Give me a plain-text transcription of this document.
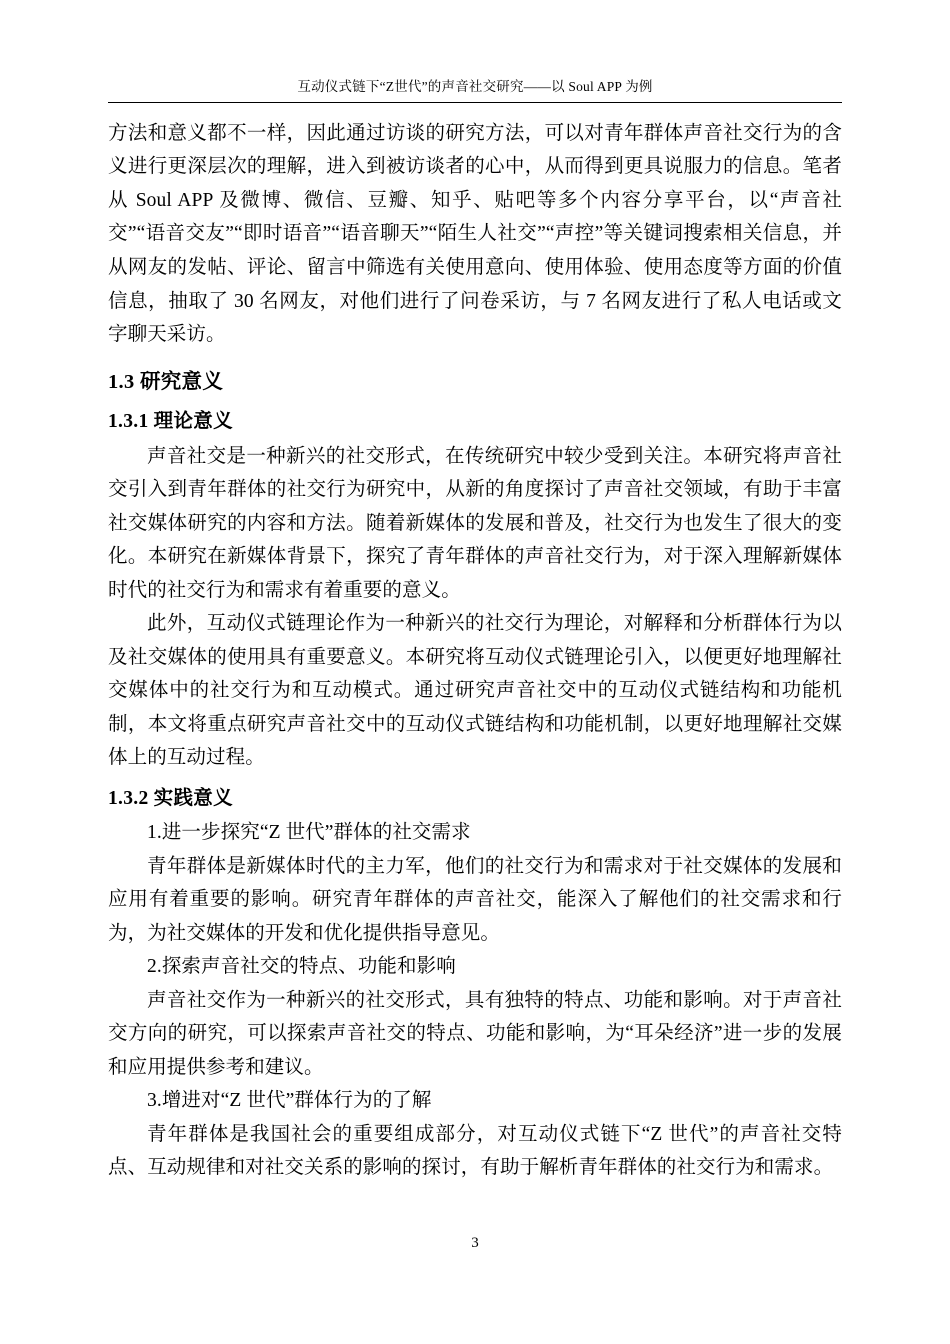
互动仪式链下“Z世代”的声音社交研究——以 Soul APP 为例

方法和意义都不一样，因此通过访谈的研究方法，可以对青年群体声音社交行为的含义进行更深层次的理解，进入到被访谈者的心中，从而得到更具说服力的信息。笔者从 Soul APP 及微博、微信、豆瓣、知乎、贴吧等多个内容分享平台，以“声音社交”“语音交友”“即时语音”“语音聊天”“陌生人社交”“声控”等关键词搜索相关信息，并从网友的发帖、评论、留言中筛选有关使用意向、使用体验、使用态度等方面的价值信息，抽取了 30 名网友，对他们进行了问卷采访，与 7 名网友进行了私人电话或文字聊天采访。

1.3 研究意义
1.3.1 理论意义

声音社交是一种新兴的社交形式，在传统研究中较少受到关注。本研究将声音社交引入到青年群体的社交行为研究中，从新的角度探讨了声音社交领域，有助于丰富社交媒体研究的内容和方法。随着新媒体的发展和普及，社交行为也发生了很大的变化。本研究在新媒体背景下，探究了青年群体的声音社交行为，对于深入理解新媒体时代的社交行为和需求有着重要的意义。

此外，互动仪式链理论作为一种新兴的社交行为理论，对解释和分析群体行为以及社交媒体的使用具有重要意义。本研究将互动仪式链理论引入，以便更好地理解社交媒体中的社交行为和互动模式。通过研究声音社交中的互动仪式链结构和功能机制，本文将重点研究声音社交中的互动仪式链结构和功能机制，以更好地理解社交媒体上的互动过程。

1.3.2 实践意义

1.进一步探究“Z 世代”群体的社交需求

青年群体是新媒体时代的主力军，他们的社交行为和需求对于社交媒体的发展和应用有着重要的影响。研究青年群体的声音社交，能深入了解他们的社交需求和行为，为社交媒体的开发和优化提供指导意见。

2.探索声音社交的特点、功能和影响

声音社交作为一种新兴的社交形式，具有独特的特点、功能和影响。对于声音社交方向的研究，可以探索声音社交的特点、功能和影响，为“耳朵经济”进一步的发展和应用提供参考和建议。

3.增进对“Z 世代”群体行为的了解

青年群体是我国社会的重要组成部分，对互动仪式链下“Z 世代”的声音社交特点、互动规律和对社交关系的影响的探讨，有助于解析青年群体的社交行为和需求。

3
